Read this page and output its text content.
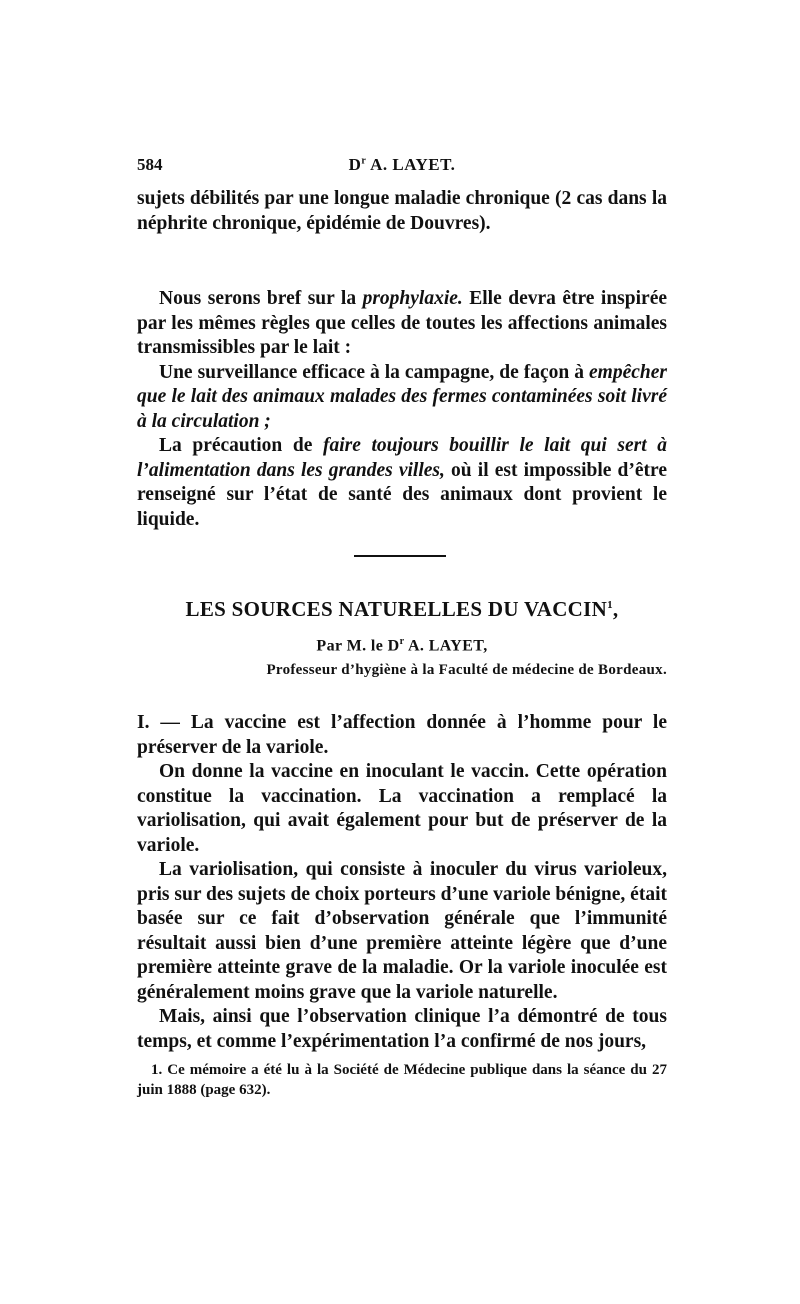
584	$D^r$ A. LAYET.

sujets débilités par une longue maladie chronique (2 cas dans la néphrite chronique, épidémie de Douvres).

Nous serons bref sur la prophylaxie. Elle devra être inspirée par les mêmes règles que celles de toutes les affections animales transmissibles par le lait :

Une surveillance efficace à la campagne, de façon à empêcher que le lait des animaux malades des fermes contaminées soit livré à la circulation ;

La précaution de faire toujours bouillir le lait qui sert à l’alimentation dans les grandes villes, où il est impossible d’être renseigné sur l’état de santé des animaux dont provient le liquide.

LES SOURCES NATURELLES DU VACCIN$^1$,
Par M. le $D^r$ A. LAYET,
Professeur d’hygiène à la Faculté de médecine de Bordeaux.

I. — La vaccine est l’affection donnée à l’homme pour le préserver de la variole.

On donne la vaccine en inoculant le vaccin. Cette opération constitue la vaccination. La vaccination a remplacé la variolisation, qui avait également pour but de préserver de la variole.

La variolisation, qui consiste à inoculer du virus varioleux, pris sur des sujets de choix porteurs d’une variole bénigne, était basée sur ce fait d’observation générale que l’immunité résultait aussi bien d’une première atteinte légère que d’une première atteinte grave de la maladie. Or la variole inoculée est généralement moins grave que la variole naturelle.

Mais, ainsi que l’observation clinique l’a démontré de tous temps, et comme l’expérimentation l’a confirmé de nos jours,

1. Ce mémoire a été lu à la Société de Médecine publique dans la séance du 27 juin 1888 (page 632).
